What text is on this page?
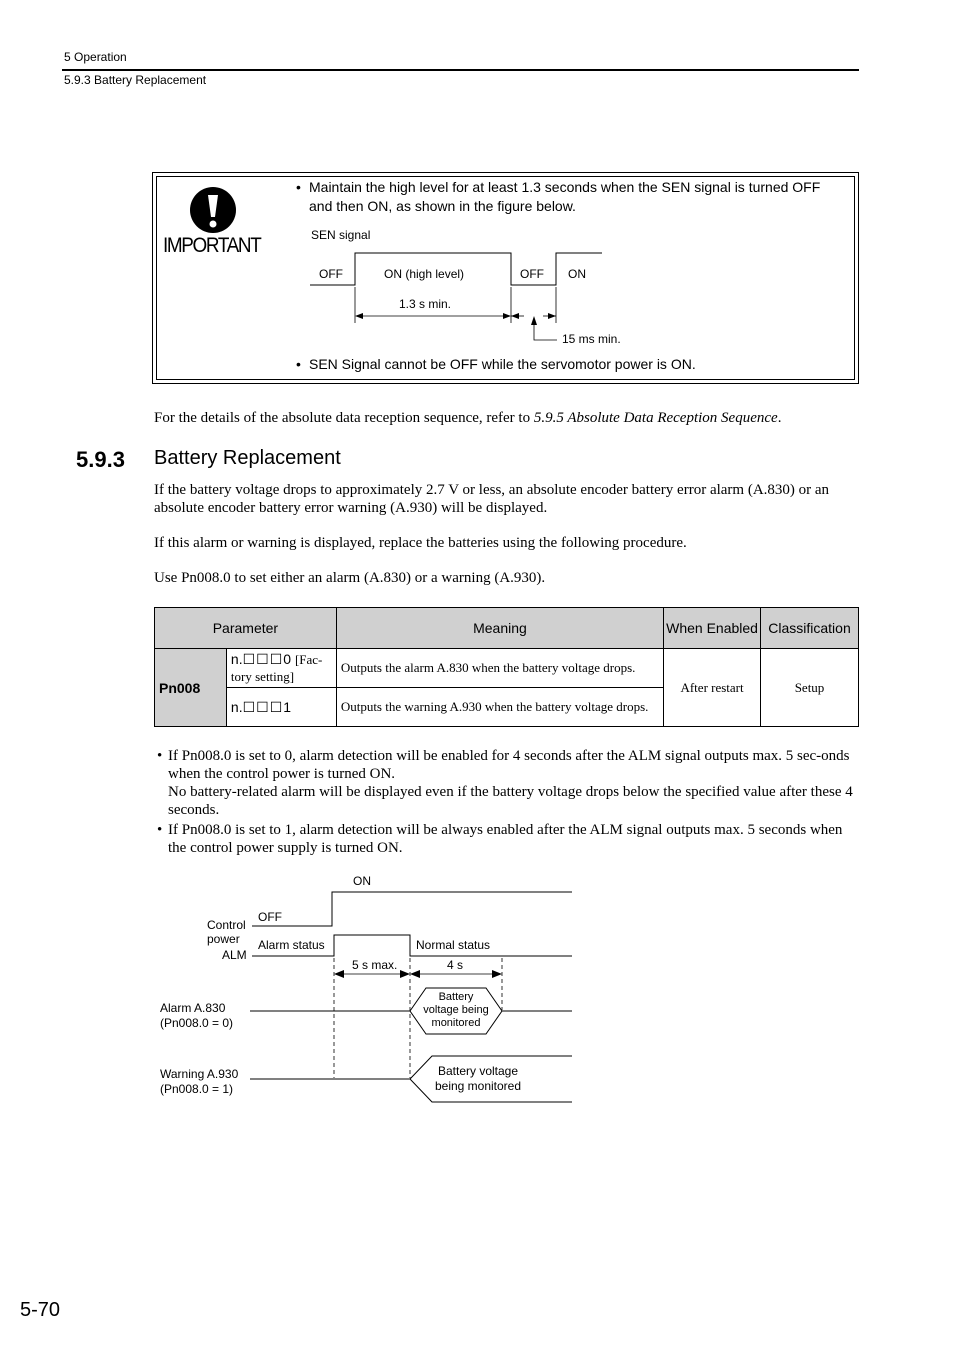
5 Operation
5.9.3 Battery Replacement
IMPORTANT
• Maintain the high level for at least 1.3 seconds when the SEN signal is turned OFF and then ON, as shown in the figure below.
SEN signal
OFF	ON (high level)	OFF ON
1.3 s min.
15 ms min.
• SEN Signal cannot be OFF while the servomotor power is ON.
For the details of the absolute data reception sequence, refer to 5.9.5 Absolute Data Reception Sequence.
5.9.3 Battery Replacement
If the battery voltage drops to approximately 2.7 V or less, an absolute encoder battery error alarm (A.830) or an absolute encoder battery error warning (A.930) will be displayed.
If this alarm or warning is displayed, replace the batteries using the following procedure.
Use Pn008.0 to set either an alarm (A.830) or a warning (A.930).
Parameter		Meaning	When Enabled	Classification
Pn008	n.☐☐☐0 [Fac-tory setting]	Outputs the alarm A.830 when the battery voltage drops.	After restart	Setup
	n.☐☐☐1	Outputs the warning A.930 when the battery voltage drops.		
• If Pn008.0 is set to 0, alarm detection will be enabled for 4 seconds after the ALM signal outputs max. 5 sec-onds when the control power is turned ON.
No battery-related alarm will be displayed even if the battery voltage drops below the specified value after these 4 seconds.
• If Pn008.0 is set to 1, alarm detection will be always enabled after the ALM signal outputs max. 5 seconds when the control power supply is turned ON.
ON
OFF
Control
power
ALM
Alarm status	Normal status
5 s max.	4 s
Alarm A.830
(Pn008.0 = 0)
Battery
voltage being
monitored
Warning A.930
(Pn008.0 = 1)
Battery voltage
being monitored
5-70
